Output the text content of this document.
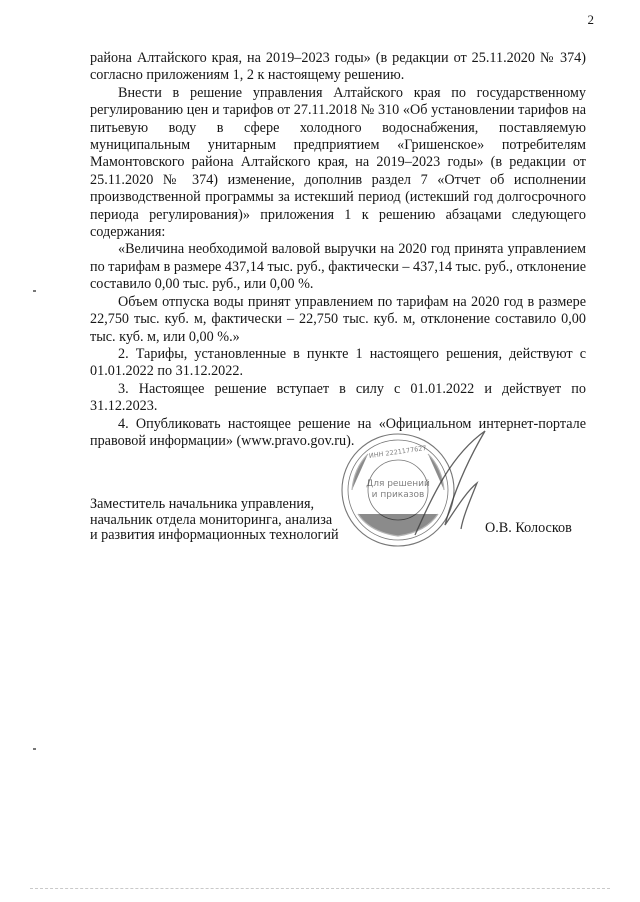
2

района Алтайского края, на 2019–2023 годы» (в редакции от 25.11.2020 № 374) согласно приложениям 1, 2 к настоящему решению.

Внести в решение управления Алтайского края по государственному регулированию цен и тарифов от 27.11.2018 № 310 «Об установлении тарифов на питьевую воду в сфере холодного водоснабжения, поставляемую муниципальным унитарным предприятием «Гришенское» потребителям Мамонтовского района Алтайского края, на 2019–2023 годы» (в редакции от 25.11.2020 № 374) изменение, дополнив раздел 7 «Отчет об исполнении производственной программы за истекший период (истекший год долгосрочного периода регулирования)» приложения 1 к решению абзацами следующего содержания:

«Величина необходимой валовой выручки на 2020 год принята управлением по тарифам в размере 437,14 тыс. руб., фактически – 437,14 тыс. руб., отклонение составило 0,00 тыс. руб., или 0,00 %.

Объем отпуска воды принят управлением по тарифам на 2020 год в размере 22,750 тыс. куб. м, фактически – 22,750 тыс. куб. м, отклонение составило 0,00 тыс. куб. м, или 0,00 %.»

2. Тарифы, установленные в пункте 1 настоящего решения, действуют с 01.01.2022 по 31.12.2022.

3. Настоящее решение вступает в силу с 01.01.2022 и действует по 31.12.2023.

4. Опубликовать настоящее решение на «Официальном интернет-портале правовой информации» (www.pravo.gov.ru).

Заместитель начальника управления,
начальник отдела мониторинга, анализа
и развития информационных технологий	О.В. Колосков
Для решений
и приказов
ИНН 2221177627
